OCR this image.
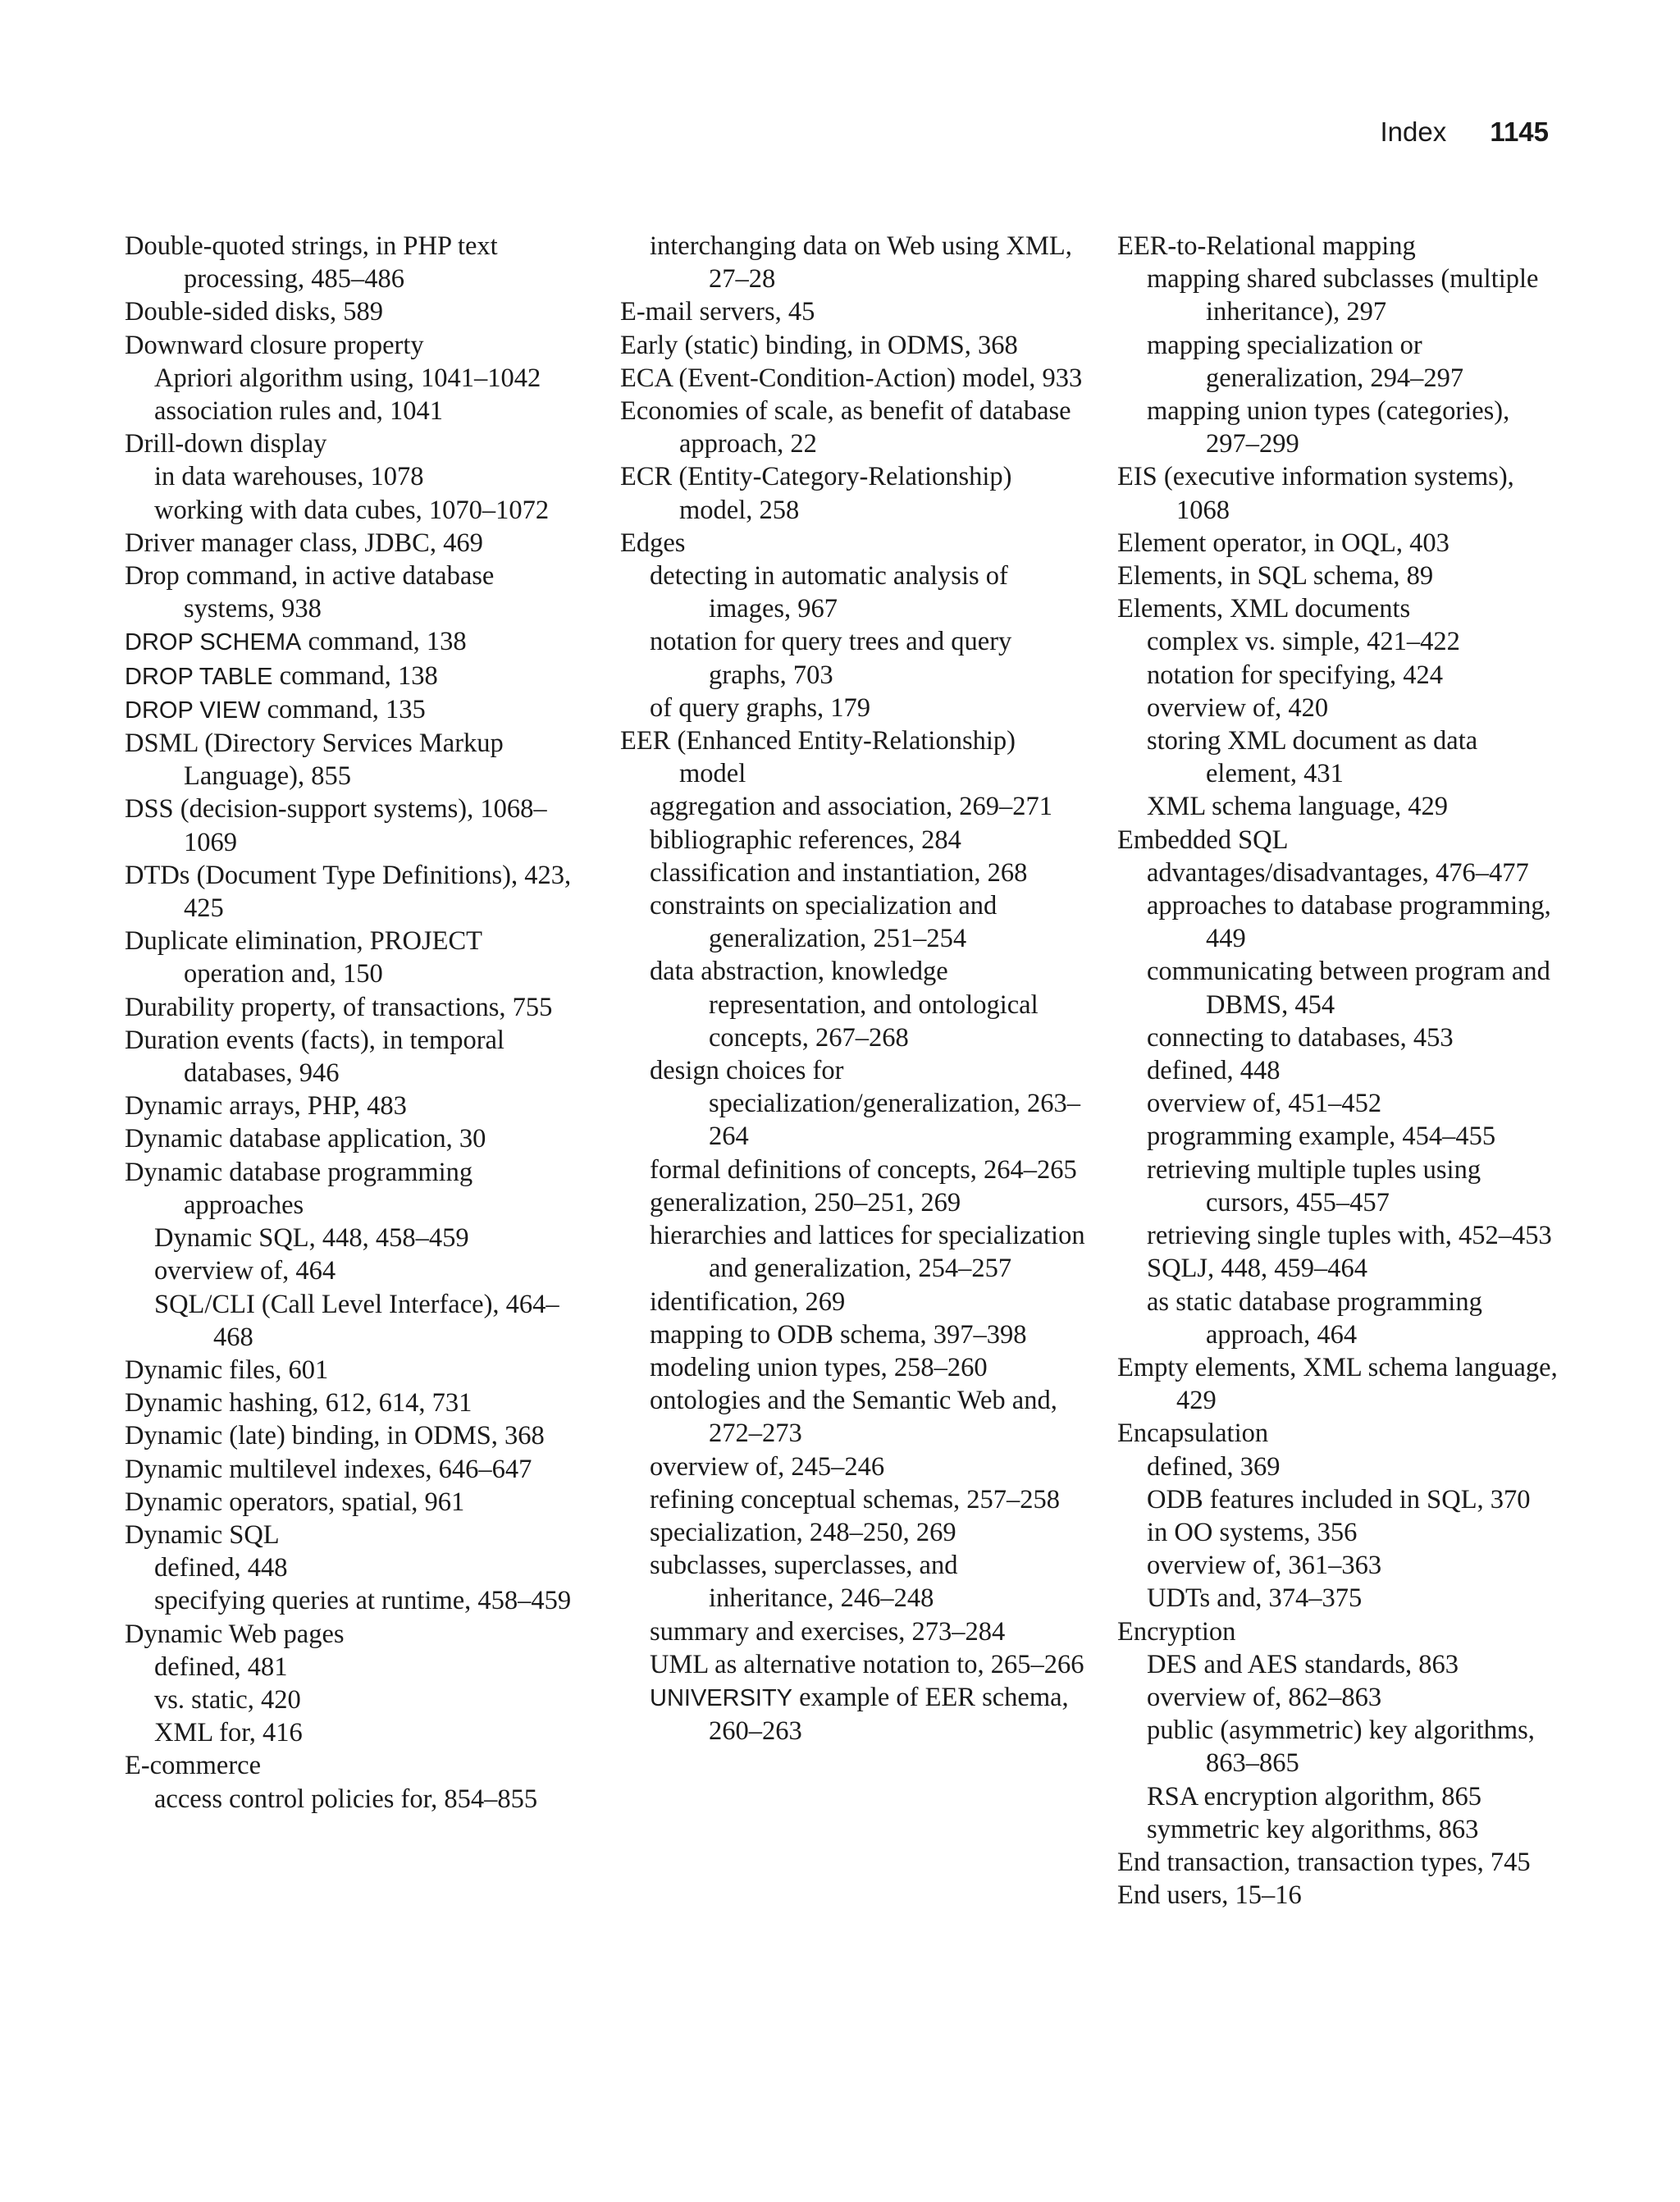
Index 1145

Double-quoted strings, in PHP text processing, 485–486

Double-sided disks, 589

Downward closure property

Apriori algorithm using, 1041–1042

association rules and, 1041

Drill-down display

in data warehouses, 1078

working with data cubes, 1070–1072

Driver manager class, JDBC, 469

Drop command, in active database systems, 938

DROP SCHEMA command, 138

DROP TABLE command, 138

DROP VIEW command, 135

DSML (Directory Services Markup Language), 855

DSS (decision-support systems), 1068–1069

DTDs (Document Type Definitions), 423, 425

Duplicate elimination, PROJECT operation and, 150

Durability property, of transactions, 755

Duration events (facts), in temporal databases, 946

Dynamic arrays, PHP, 483

Dynamic database application, 30

Dynamic database programming approaches

Dynamic SQL, 448, 458–459

overview of, 464

SQL/CLI (Call Level Interface), 464–468

Dynamic files, 601

Dynamic hashing, 612, 614, 731

Dynamic (late) binding, in ODMS, 368

Dynamic multilevel indexes, 646–647

Dynamic operators, spatial, 961

Dynamic SQL

defined, 448

specifying queries at runtime, 458–459

Dynamic Web pages

defined, 481

vs. static, 420

XML for, 416

E-commerce

access control policies for, 854–855

interchanging data on Web using XML, 27–28

E-mail servers, 45

Early (static) binding, in ODMS, 368

ECA (Event-Condition-Action) model, 933

Economies of scale, as benefit of database approach, 22

ECR (Entity-Category-Relationship) model, 258

Edges

detecting in automatic analysis of images, 967

notation for query trees and query graphs, 703

of query graphs, 179

EER (Enhanced Entity-Relationship) model

aggregation and association, 269–271

bibliographic references, 284

classification and instantiation, 268

constraints on specialization and generalization, 251–254

data abstraction, knowledge representation, and ontological concepts, 267–268

design choices for specialization/generalization, 263–264

formal definitions of concepts, 264–265

generalization, 250–251, 269

hierarchies and lattices for specialization and generalization, 254–257

identification, 269

mapping to ODB schema, 397–398

modeling union types, 258–260

ontologies and the Semantic Web and, 272–273

overview of, 245–246

refining conceptual schemas, 257–258

specialization, 248–250, 269

subclasses, superclasses, and inheritance, 246–248

summary and exercises, 273–284

UML as alternative notation to, 265–266

UNIVERSITY example of EER schema, 260–263

EER-to-Relational mapping

mapping shared subclasses (multiple inheritance), 297

mapping specialization or generalization, 294–297

mapping union types (categories), 297–299

EIS (executive information systems), 1068

Element operator, in OQL, 403

Elements, in SQL schema, 89

Elements, XML documents

complex vs. simple, 421–422

notation for specifying, 424

overview of, 420

storing XML document as data element, 431

XML schema language, 429

Embedded SQL

advantages/disadvantages, 476–477

approaches to database programming, 449

communicating between program and DBMS, 454

connecting to databases, 453

defined, 448

overview of, 451–452

programming example, 454–455

retrieving multiple tuples using cursors, 455–457

retrieving single tuples with, 452–453

SQLJ, 448, 459–464

as static database programming approach, 464

Empty elements, XML schema language, 429

Encapsulation

defined, 369

ODB features included in SQL, 370

in OO systems, 356

overview of, 361–363

UDTs and, 374–375

Encryption

DES and AES standards, 863

overview of, 862–863

public (asymmetric) key algorithms, 863–865

RSA encryption algorithm, 865

symmetric key algorithms, 863

End transaction, transaction types, 745

End users, 15–16
